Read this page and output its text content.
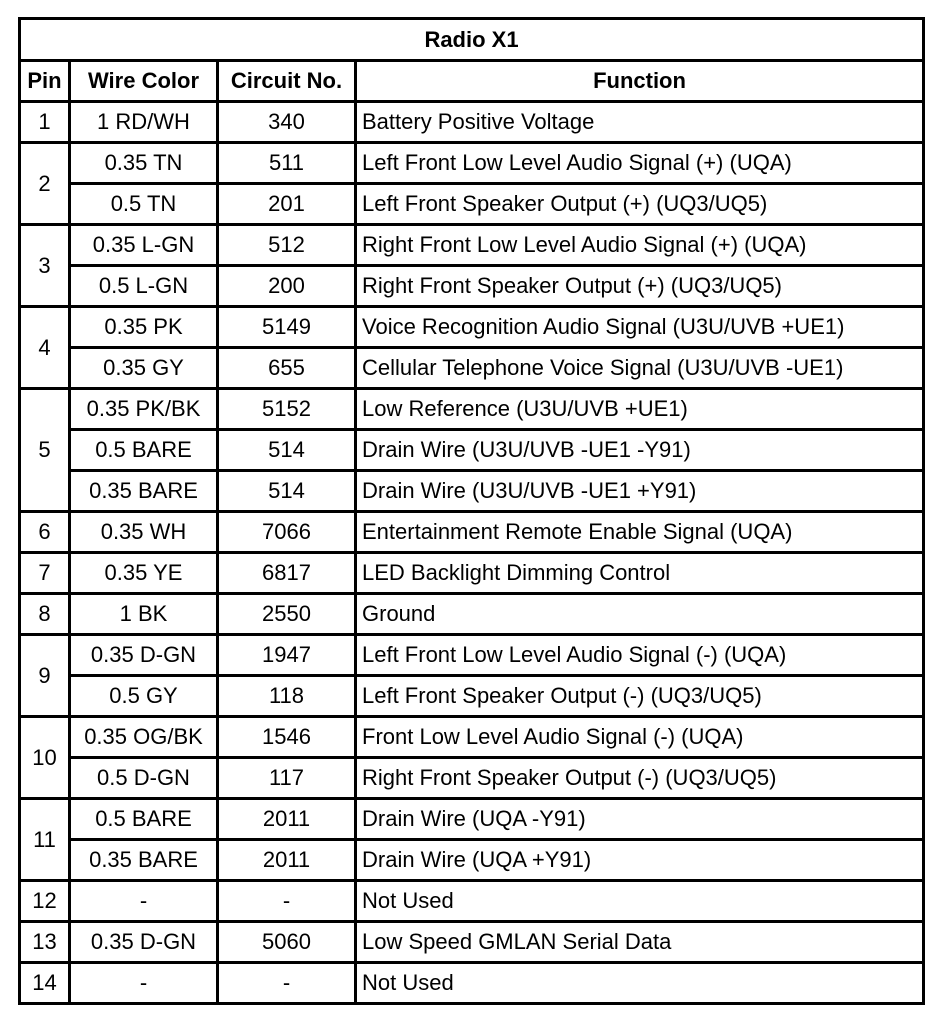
Radio X1			
Pin	Wire Color	Circuit No.	Function
1	1 RD/WH	340	Battery Positive Voltage
2	0.35 TN	511	Left Front Low Level Audio Signal (+) (UQA)
	0.5 TN	201	Left Front Speaker Output (+) (UQ3/UQ5)
3	0.35 L-GN	512	Right Front Low Level Audio Signal (+) (UQA)
	0.5 L-GN	200	Right Front Speaker Output (+) (UQ3/UQ5)
4	0.35 PK	5149	Voice Recognition Audio Signal (U3U/UVB +UE1)
	0.35 GY	655	Cellular Telephone Voice Signal (U3U/UVB -UE1)
5	0.35 PK/BK	5152	Low Reference (U3U/UVB +UE1)
	0.5 BARE	514	Drain Wire (U3U/UVB -UE1 -Y91)
	0.35 BARE	514	Drain Wire (U3U/UVB -UE1 +Y91)
6	0.35 WH	7066	Entertainment Remote Enable Signal (UQA)
7	0.35 YE	6817	LED Backlight Dimming Control
8	1 BK	2550	Ground
9	0.35 D-GN	1947	Left Front Low Level Audio Signal (-) (UQA)
	0.5 GY	118	Left Front Speaker Output (-) (UQ3/UQ5)
10	0.35 OG/BK	1546	Front Low Level Audio Signal (-) (UQA)
	0.5 D-GN	117	Right Front Speaker Output (-) (UQ3/UQ5)
11	0.5 BARE	2011	Drain Wire (UQA -Y91)
	0.35 BARE	2011	Drain Wire (UQA +Y91)
12	-	-	Not Used
13	0.35 D-GN	5060	Low Speed GMLAN Serial Data
14	-	-	Not Used
